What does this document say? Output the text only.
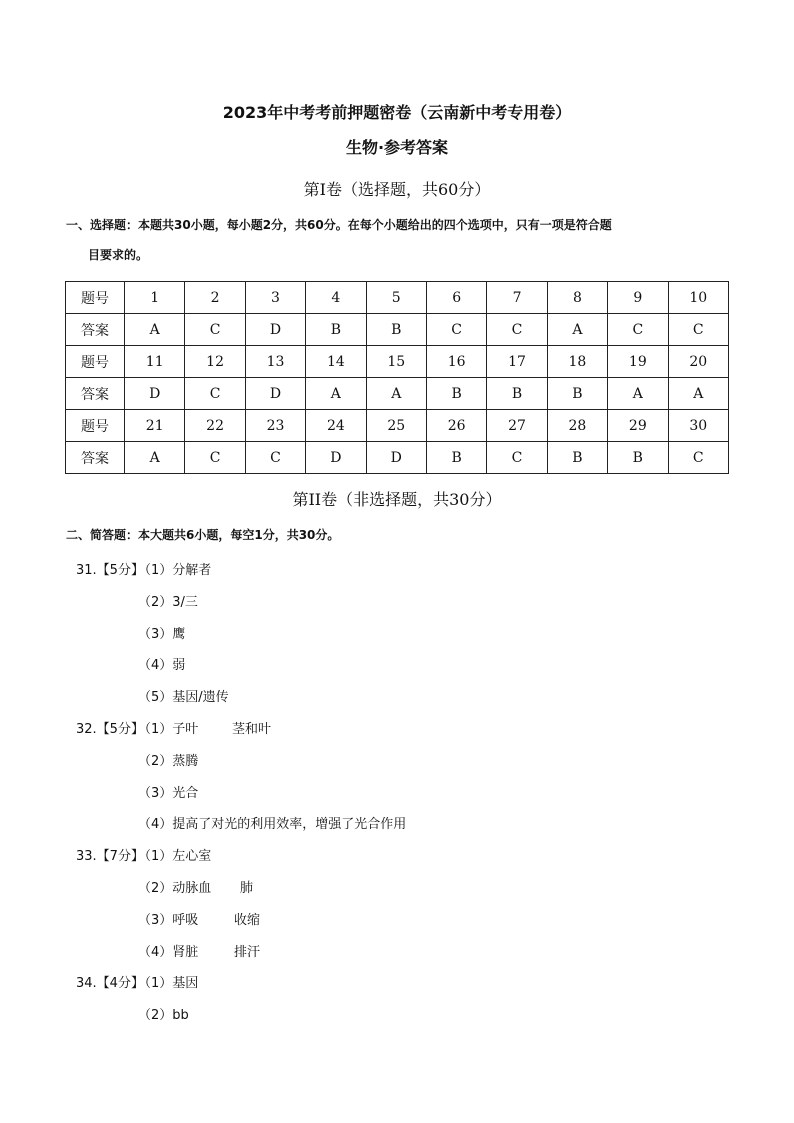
2023年中考考前押题密卷（云南新中考专用卷）
生物·参考答案
第Ⅰ卷（选择题，共60分）
一、选择题：本题共30小题，每小题2分，共60分。在每个小题给出的四个选项中，只有一项是符合题
目要求的。
题号	1	2	3	4	5	6	7	8	9	10
答案	A	C	D	B	B	C	C	A	C	C
题号	11	12	13	14	15	16	17	18	19	20
答案	D	C	D	A	A	B	B	B	A	A
题号	21	22	23	24	25	26	27	28	29	30
答案	A	C	C	D	D	B	C	B	B	C
第II卷（非选择题，共30分）
二、简答题：本大题共6小题，每空1分，共30分。
31.【5分】
（1）分解者
（2）3/三
（3）鹰
（4）弱
（5）基因/遗传
32.【5分】
（1）子叶	茎和叶
（2）蒸腾
（3）光合
（4）提高了对光的利用效率，增强了光合作用
33.【7分】
（1）左心室
（2）动脉血 肺
（3）呼吸	收缩
（4）肾脏	排汗
34.【4分】
（1）基因
（2）bb
